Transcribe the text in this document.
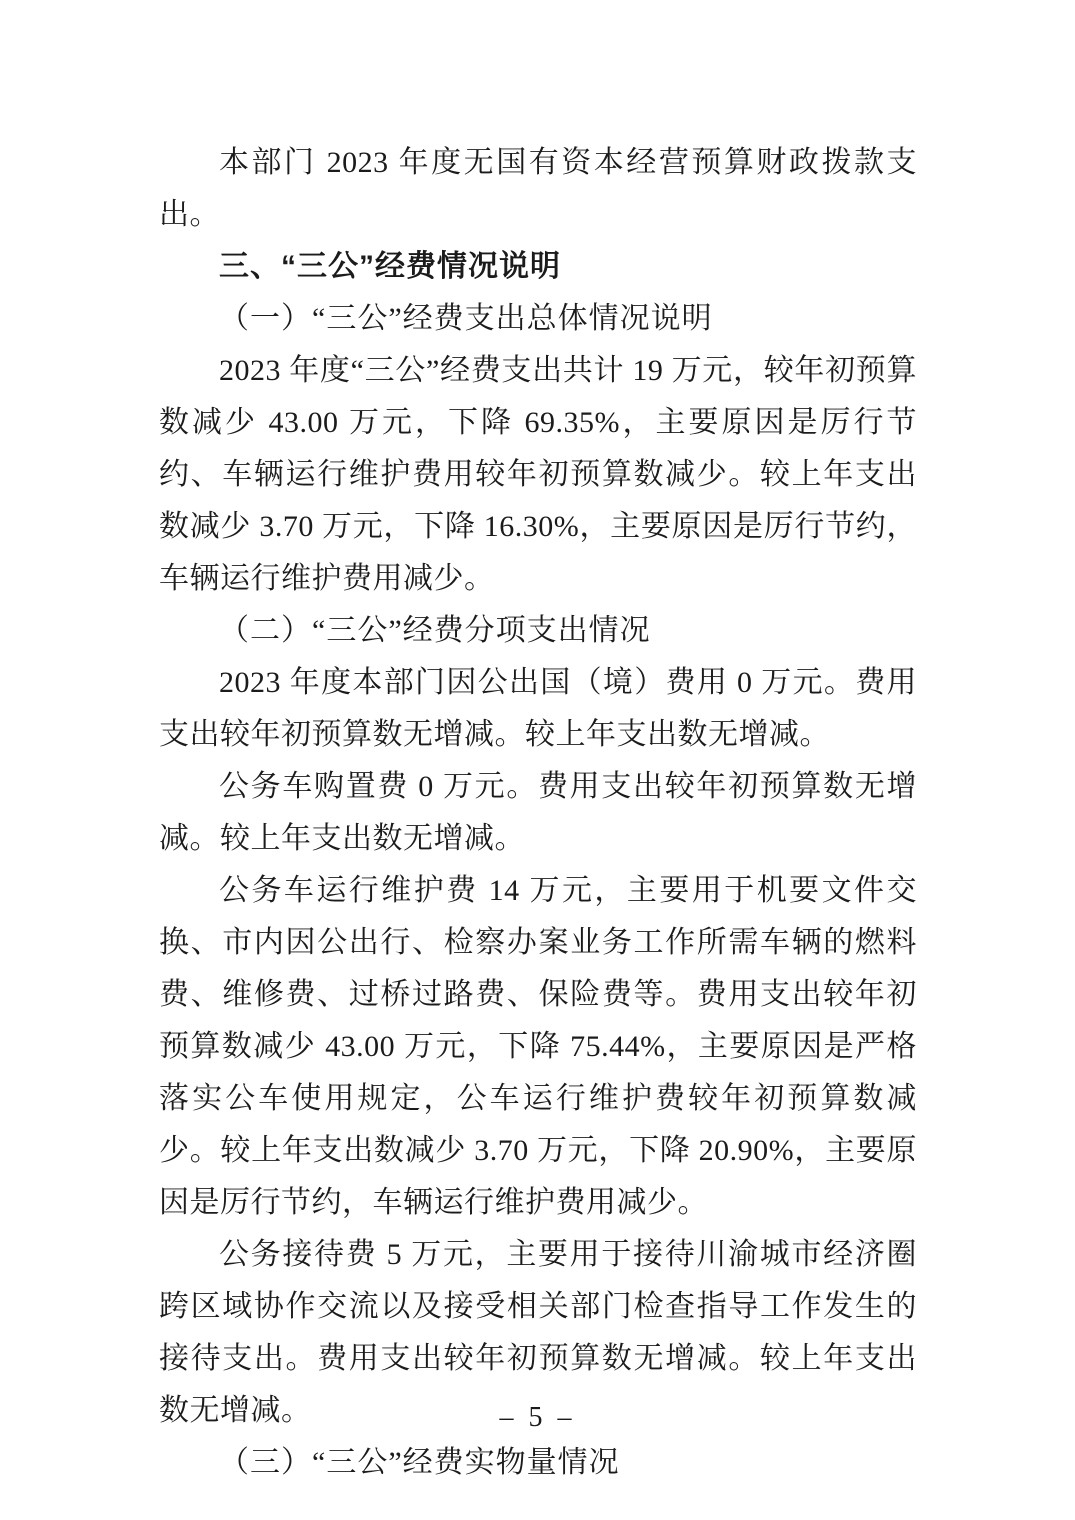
本部门 2023 年度无国有资本经营预算财政拨款支出。

三、“三公”经费情况说明

（一）“三公”经费支出总体情况说明

2023 年度“三公”经费支出共计 19 万元，较年初预算数减少 43.00 万元，下降 69.35%，主要原因是厉行节约、车辆运行维护费用较年初预算数减少。较上年支出数减少 3.70 万元，下降 16.30%，主要原因是厉行节约，车辆运行维护费用减少。

（二）“三公”经费分项支出情况

2023 年度本部门因公出国（境）费用 0 万元。费用支出较年初预算数无增减。较上年支出数无增减。

公务车购置费 0 万元。费用支出较年初预算数无增减。较上年支出数无增减。

公务车运行维护费 14 万元，主要用于机要文件交换、市内因公出行、检察办案业务工作所需车辆的燃料费、维修费、过桥过路费、保险费等。费用支出较年初预算数减少 43.00 万元，下降 75.44%，主要原因是严格落实公车使用规定，公车运行维护费较年初预算数减少。较上年支出数减少 3.70 万元，下降 20.90%，主要原因是厉行节约，车辆运行维护费用减少。

公务接待费 5 万元，主要用于接待川渝城市经济圈跨区域协作交流以及接受相关部门检查指导工作发生的接待支出。费用支出较年初预算数无增减。较上年支出数无增减。

（三）“三公”经费实物量情况

– 5 –
